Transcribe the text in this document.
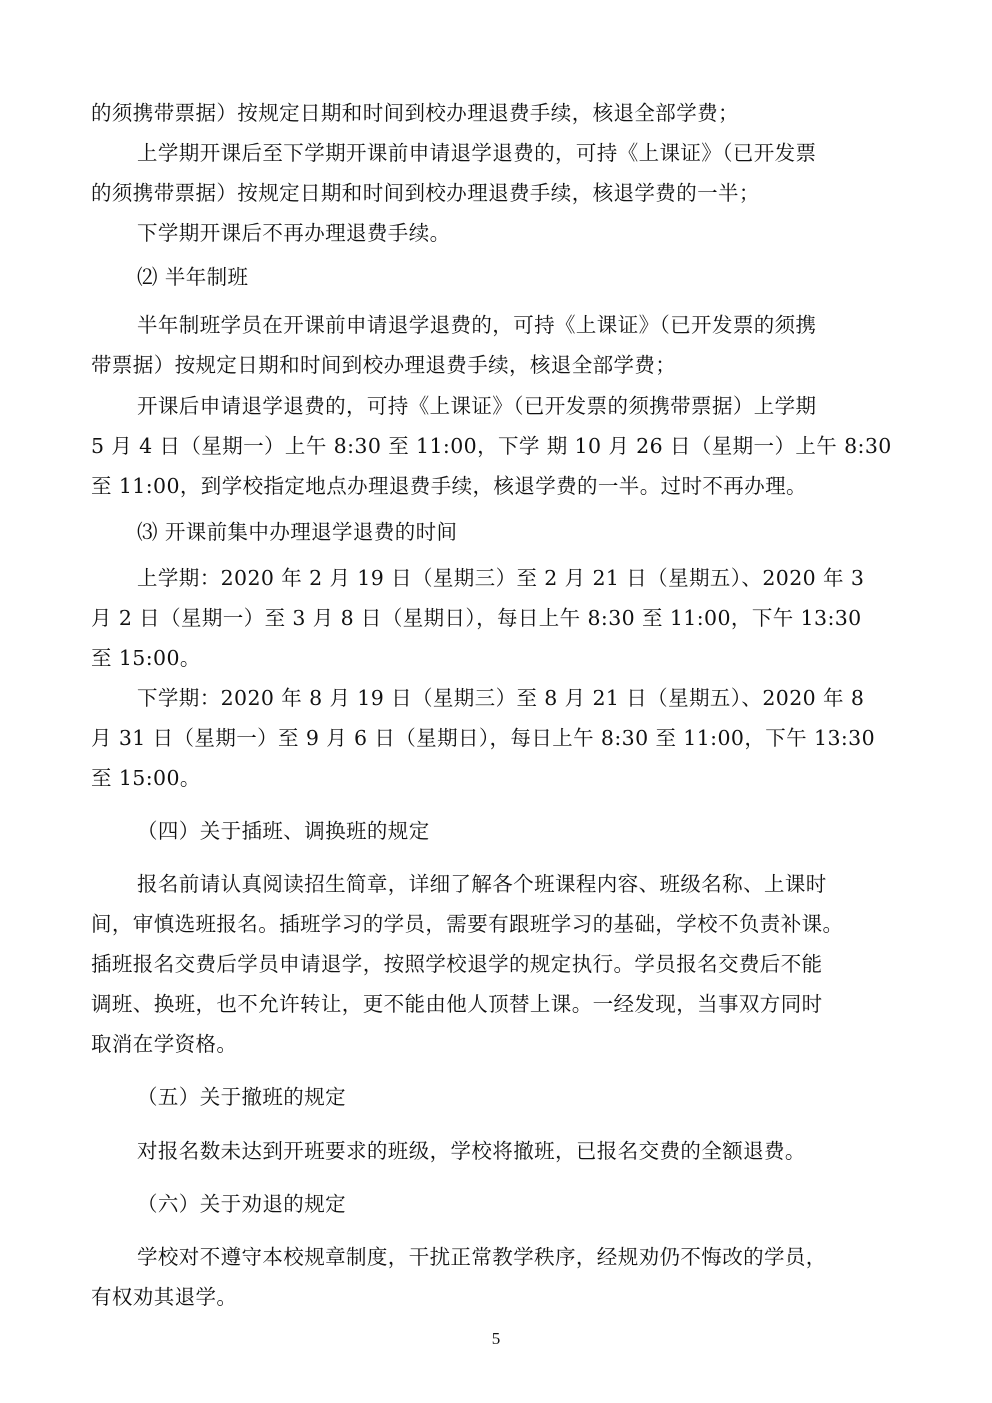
的须携带票据）按规定日期和时间到校办理退费手续，核退全部学费；
上学期开课后至下学期开课前申请退学退费的，可持《上课证》（已开发票
的须携带票据）按规定日期和时间到校办理退费手续，核退学费的一半；
下学期开课后不再办理退费手续。
⑵ 半年制班
半年制班学员在开课前申请退学退费的，可持《上课证》（已开发票的须携
带票据）按规定日期和时间到校办理退费手续，核退全部学费；
开课后申请退学退费的，可持《上课证》（已开发票的须携带票据）上学期
5 月 4 日（星期一）上午 8:30 至 11:00，下学 期 10 月 26 日（星期一）上午 8:30
至 11:00，到学校指定地点办理退费手续，核退学费的一半。过时不再办理。
⑶ 开课前集中办理退学退费的时间
上学期：2020 年 2 月 19 日（星期三）至 2 月 21 日（星期五）、2020 年 3
月 2 日（星期一）至 3 月 8 日（星期日），每日上午 8:30 至 11:00，下午 13:30
至 15:00。
下学期：2020 年 8 月 19 日（星期三）至 8 月 21 日（星期五）、2020 年 8
月 31 日（星期一）至 9 月 6 日（星期日），每日上午 8:30 至 11:00，下午 13:30
至 15:00。
（四）关于插班、调换班的规定
报名前请认真阅读招生简章，详细了解各个班课程内容、班级名称、上课时
间，审慎选班报名。插班学习的学员，需要有跟班学习的基础，学校不负责补课。
插班报名交费后学员申请退学，按照学校退学的规定执行。学员报名交费后不能
调班、换班，也不允许转让，更不能由他人顶替上课。一经发现，当事双方同时
取消在学资格。
（五）关于撤班的规定
对报名数未达到开班要求的班级，学校将撤班，已报名交费的全额退费。
（六）关于劝退的规定
学校对不遵守本校规章制度，干扰正常教学秩序，经规劝仍不悔改的学员，
有权劝其退学。
5
